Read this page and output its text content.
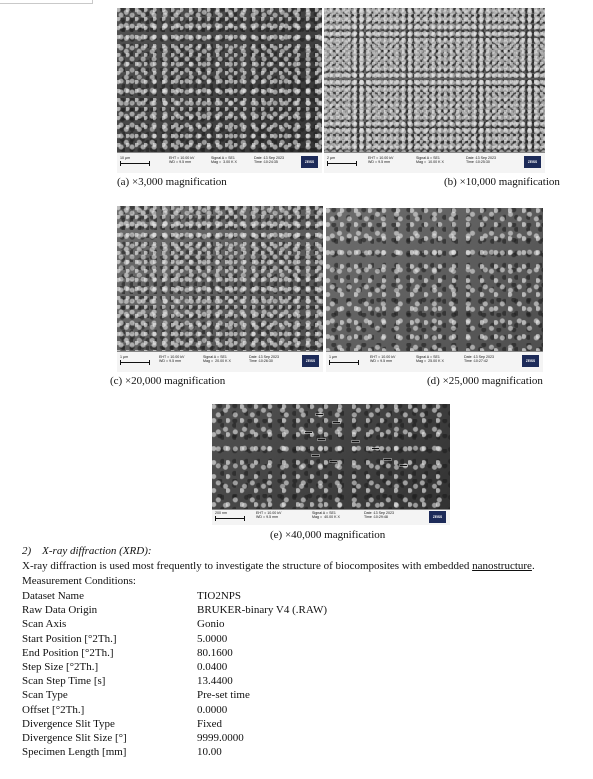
10 μm	EHT = 10.00 kV
WD = 9.5 mm
Signal A = SE1
Mag =  3.00 K X
Date :13 Sep 2023
Time :10:24:35	ZEISS
(a) ×3,000 magnification
2 μm	EHT = 10.00 kV
WD = 9.5 mm
Signal A = SE1
Mag =  10.00 K X
Date :13 Sep 2023
Time :10:25:30	ZEISS
(b) ×10,000 magnification
1 μm	EHT = 10.00 kV
WD = 9.5 mm
Signal A = SE1
Mag =  20.00 K X
Date :13 Sep 2023
Time :10:26:30	ZEISS
(c) ×20,000 magnification
1 μm	EHT = 10.00 kV
WD = 9.5 mm
Signal A = SE1
Mag =  25.00 K X
Date :13 Sep 2023
Time :10:27:42	ZEISS
(d) ×25,000 magnification
200 nm	EHT = 10.00 kV
WD = 9.5 mm
Signal A = SE1
Mag =  40.00 K X
Date :13 Sep 2023
Time :10:29:48	ZEISS
(e) ×40,000 magnification
2) X-ray diffraction (XRD):
X-ray diffraction is used most frequently to investigate the structure of biocomposites with embedded nanostructure.
Measurement Conditions:
Dataset Name	TIO2NPS
Raw Data Origin	BRUKER-binary V4 (.RAW)
Scan Axis	Gonio
Start Position [°2Th.]	5.0000
End Position [°2Th.]	80.1600
Step Size [°2Th.]	0.0400
Scan Step Time [s]	13.4400
Scan Type	Pre-set time
Offset [°2Th.]	0.0000
Divergence Slit Type	Fixed
Divergence Slit Size [°]	9999.0000
Specimen Length [mm]	10.00
